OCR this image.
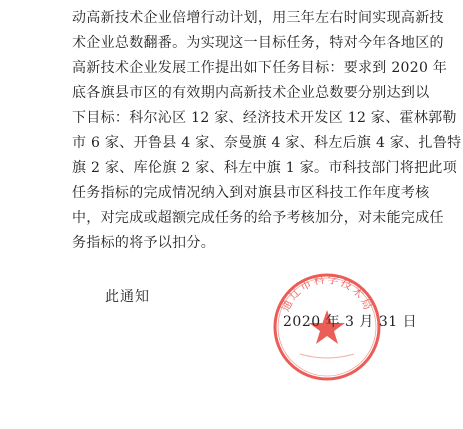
动高新技术企业倍增行动计划，用三年左右时间实现高新技
术企业总数翻番。为实现这一目标任务，特对今年各地区的
高新技术企业发展工作提出如下任务目标：要求到 2020 年
底各旗县市区的有效期内高新技术企业总数要分别达到以
下目标：科尔沁区 12 家、经济技术开发区 12 家、霍林郭勒
市 6 家、开鲁县 4 家、奈曼旗 4 家、科左后旗 4 家、扎鲁特
旗 2 家、库伦旗 2 家、科左中旗 1 家。市科技部门将把此项
任务指标的完成情况纳入到对旗县市区科技工作年度考核
中，对完成或超额完成任务的给予考核加分，对未能完成任
务指标的将予以扣分。
此通知	通辽市科学技术局
2020 年 3 月 31 日
